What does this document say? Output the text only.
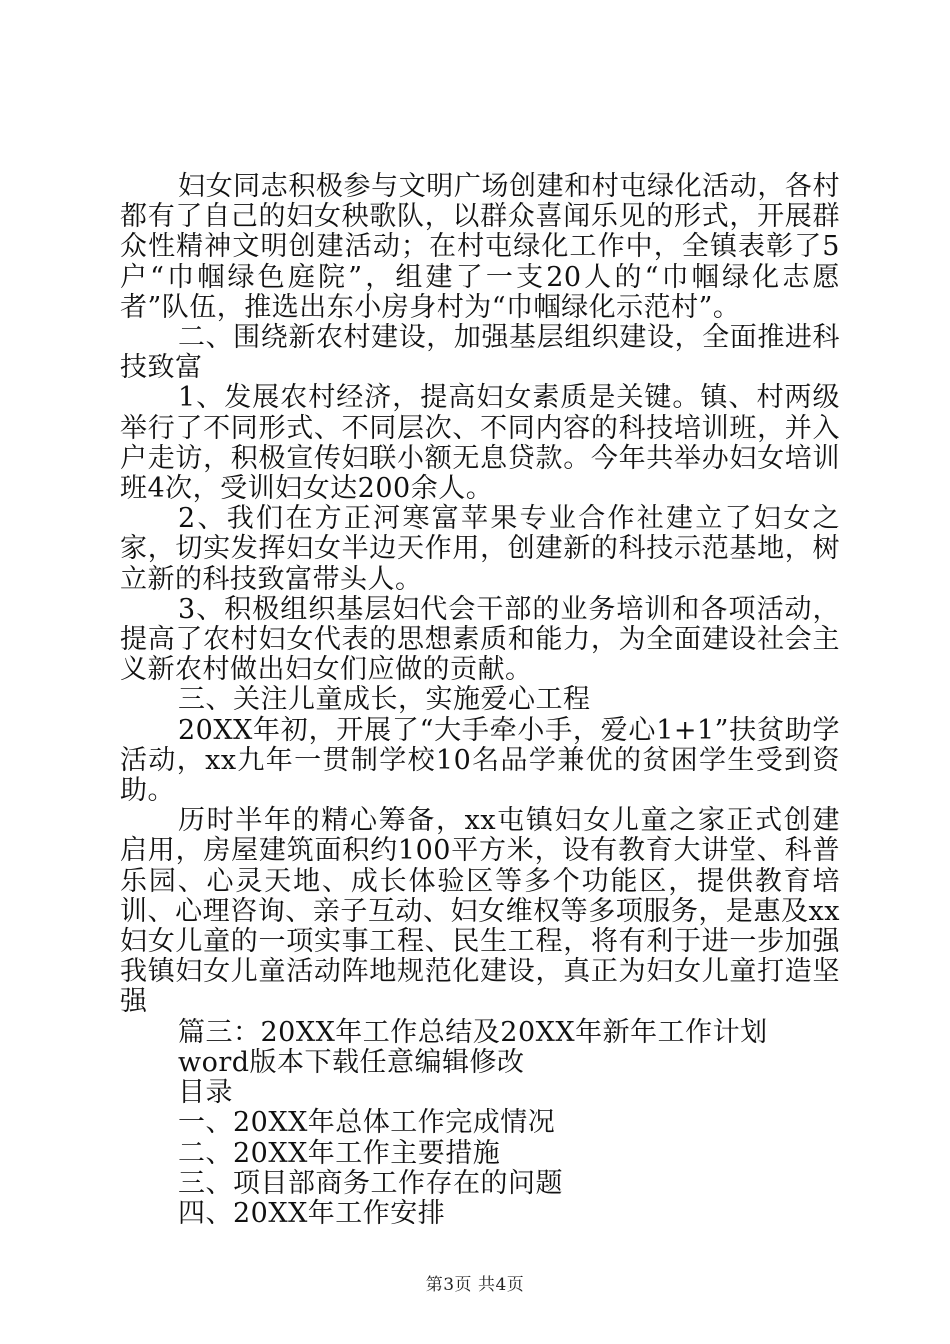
妇女同志积极参与文明广场创建和村屯绿化活动，各村都有了自己的妇女秧歌队，以群众喜闻乐见的形式，开展群众性精神文明创建活动；在村屯绿化工作中，全镇表彰了5户“巾帼绿色庭院”，组建了一支20人的“巾帼绿化志愿者”队伍，推选出东小房身村为“巾帼绿化示范村”。

二、围绕新农村建设，加强基层组织建设，全面推进科技致富

1、发展农村经济，提高妇女素质是关键。镇、村两级举行了不同形式、不同层次、不同内容的科技培训班，并入户走访，积极宣传妇联小额无息贷款。今年共举办妇女培训班4次，受训妇女达200余人。

2、我们在方正河寒富苹果专业合作社建立了妇女之家，切实发挥妇女半边天作用，创建新的科技示范基地，树立新的科技致富带头人。

3、积极组织基层妇代会干部的业务培训和各项活动，提高了农村妇女代表的思想素质和能力，为全面建设社会主义新农村做出妇女们应做的贡献。

三、关注儿童成长，实施爱心工程

20XX年初，开展了“大手牵小手，爱心1+1”扶贫助学活动，xx九年一贯制学校10名品学兼优的贫困学生受到资助。

历时半年的精心筹备，xx屯镇妇女儿童之家正式创建启用，房屋建筑面积约100平方米，设有教育大讲堂、科普乐园、心灵天地、成长体验区等多个功能区，提供教育培训、心理咨询、亲子互动、妇女维权等多项服务，是惠及xx妇女儿童的一项实事工程、民生工程，将有利于进一步加强我镇妇女儿童活动阵地规范化建设，真正为妇女儿童打造坚强

篇三：20XX年工作总结及20XX年新年工作计划

word版本下载任意编辑修改

目录

一、20XX年总体工作完成情况

二、20XX年工作主要措施

三、项目部商务工作存在的问题

四、20XX年工作安排

第3页 共4页
